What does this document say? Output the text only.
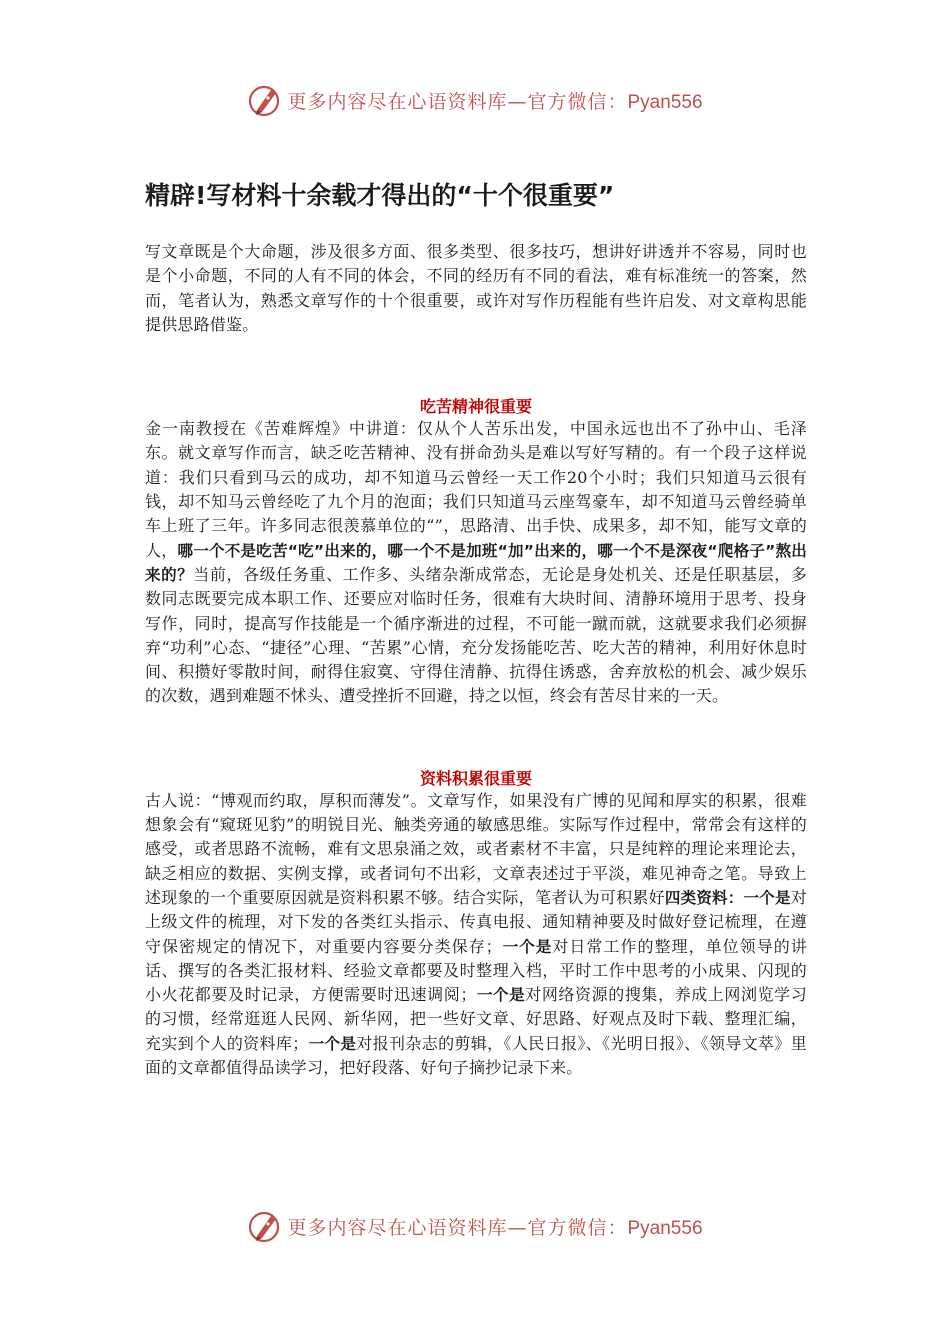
更多内容尽在心语资料库—官方微信：Pyan556
精辟!写材料十余载才得出的“十个很重要”

写文章既是个大命题，涉及很多方面、很多类型、很多技巧，想讲好讲透并不容易，同时也是个小命题，不同的人有不同的体会，不同的经历有不同的看法，难有标准统一的答案，然而，笔者认为，熟悉文章写作的十个很重要，或许对写作历程能有些许启发、对文章构思能提供思路借鉴。

吃苦精神很重要

金一南教授在《苦难辉煌》中讲道：仅从个人苦乐出发，中国永远也出不了孙中山、毛泽东。就文章写作而言，缺乏吃苦精神、没有拼命劲头是难以写好写精的。有一个段子这样说道：我们只看到马云的成功，却不知道马云曾经一天工作20个小时；我们只知道马云很有钱，却不知马云曾经吃了九个月的泡面；我们只知道马云座驾豪车，却不知道马云曾经骑单车上班了三年。许多同志很羡慕单位的“”，思路清、出手快、成果多，却不知，能写文章的人，哪一个不是吃苦“吃”出来的，哪一个不是加班“加”出来的，哪一个不是深夜“爬格子”熬出来的？当前，各级任务重、工作多、头绪杂渐成常态，无论是身处机关、还是任职基层，多数同志既要完成本职工作、还要应对临时任务，很难有大块时间、清静环境用于思考、投身写作，同时，提高写作技能是一个循序渐进的过程，不可能一蹴而就，这就要求我们必须摒弃“功利”心态、“捷径”心理、“苦累”心情，充分发扬能吃苦、吃大苦的精神，利用好休息时间、积攒好零散时间，耐得住寂寞、守得住清静、抗得住诱惑，舍弃放松的机会、减少娱乐的次数，遇到难题不怵头、遭受挫折不回避，持之以恒，终会有苦尽甘来的一天。

资料积累很重要

古人说：“博观而约取，厚积而薄发”。文章写作，如果没有广博的见闻和厚实的积累，很难想象会有“窥斑见豹”的明锐目光、触类旁通的敏感思维。实际写作过程中，常常会有这样的感受，或者思路不流畅，难有文思泉涌之效，或者素材不丰富，只是纯粹的理论来理论去，缺乏相应的数据、实例支撑，或者词句不出彩，文章表述过于平淡，难见神奇之笔。导致上述现象的一个重要原因就是资料积累不够。结合实际，笔者认为可积累好四类资料：一个是对上级文件的梳理，对下发的各类红头指示、传真电报、通知精神要及时做好登记梳理，在遵守保密规定的情况下，对重要内容要分类保存；一个是对日常工作的整理，单位领导的讲话、撰写的各类汇报材料、经验文章都要及时整理入档，平时工作中思考的小成果、闪现的小火花都要及时记录，方便需要时迅速调阅；一个是对网络资源的搜集，养成上网浏览学习的习惯，经常逛逛人民网、新华网，把一些好文章、好思路、好观点及时下载、整理汇编，充实到个人的资料库；一个是对报刊杂志的剪辑，《人民日报》、《光明日报》、《领导文萃》里面的文章都值得品读学习，把好段落、好句子摘抄记录下来。

更多内容尽在心语资料库—官方微信：Pyan556
